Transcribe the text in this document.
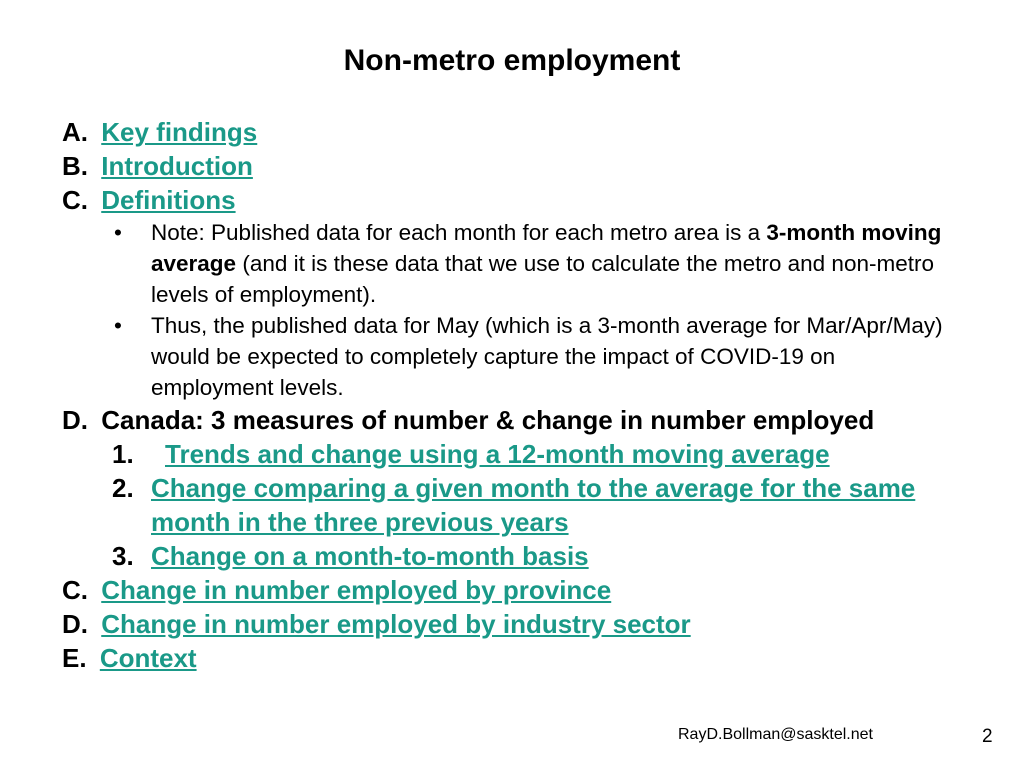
Non-metro employment
A. Key findings
B. Introduction
C. Definitions
• Note: Published data for each month for each metro area is a 3-month moving average (and it is these data that we use to calculate the metro and non-metro levels of employment).
• Thus, the published data for May (which is a 3-month average for Mar/Apr/May) would be expected to completely capture the impact of COVID-19 on employment levels.
D. Canada: 3 measures of number & change in number employed
1. Trends and change using a 12-month moving average
2. Change comparing a given month to the average for the same month in the three previous years
3. Change on a month-to-month basis
C. Change in number employed by province
D. Change in number employed by industry sector
E. Context
RayD.Bollman@sasktel.net	2
